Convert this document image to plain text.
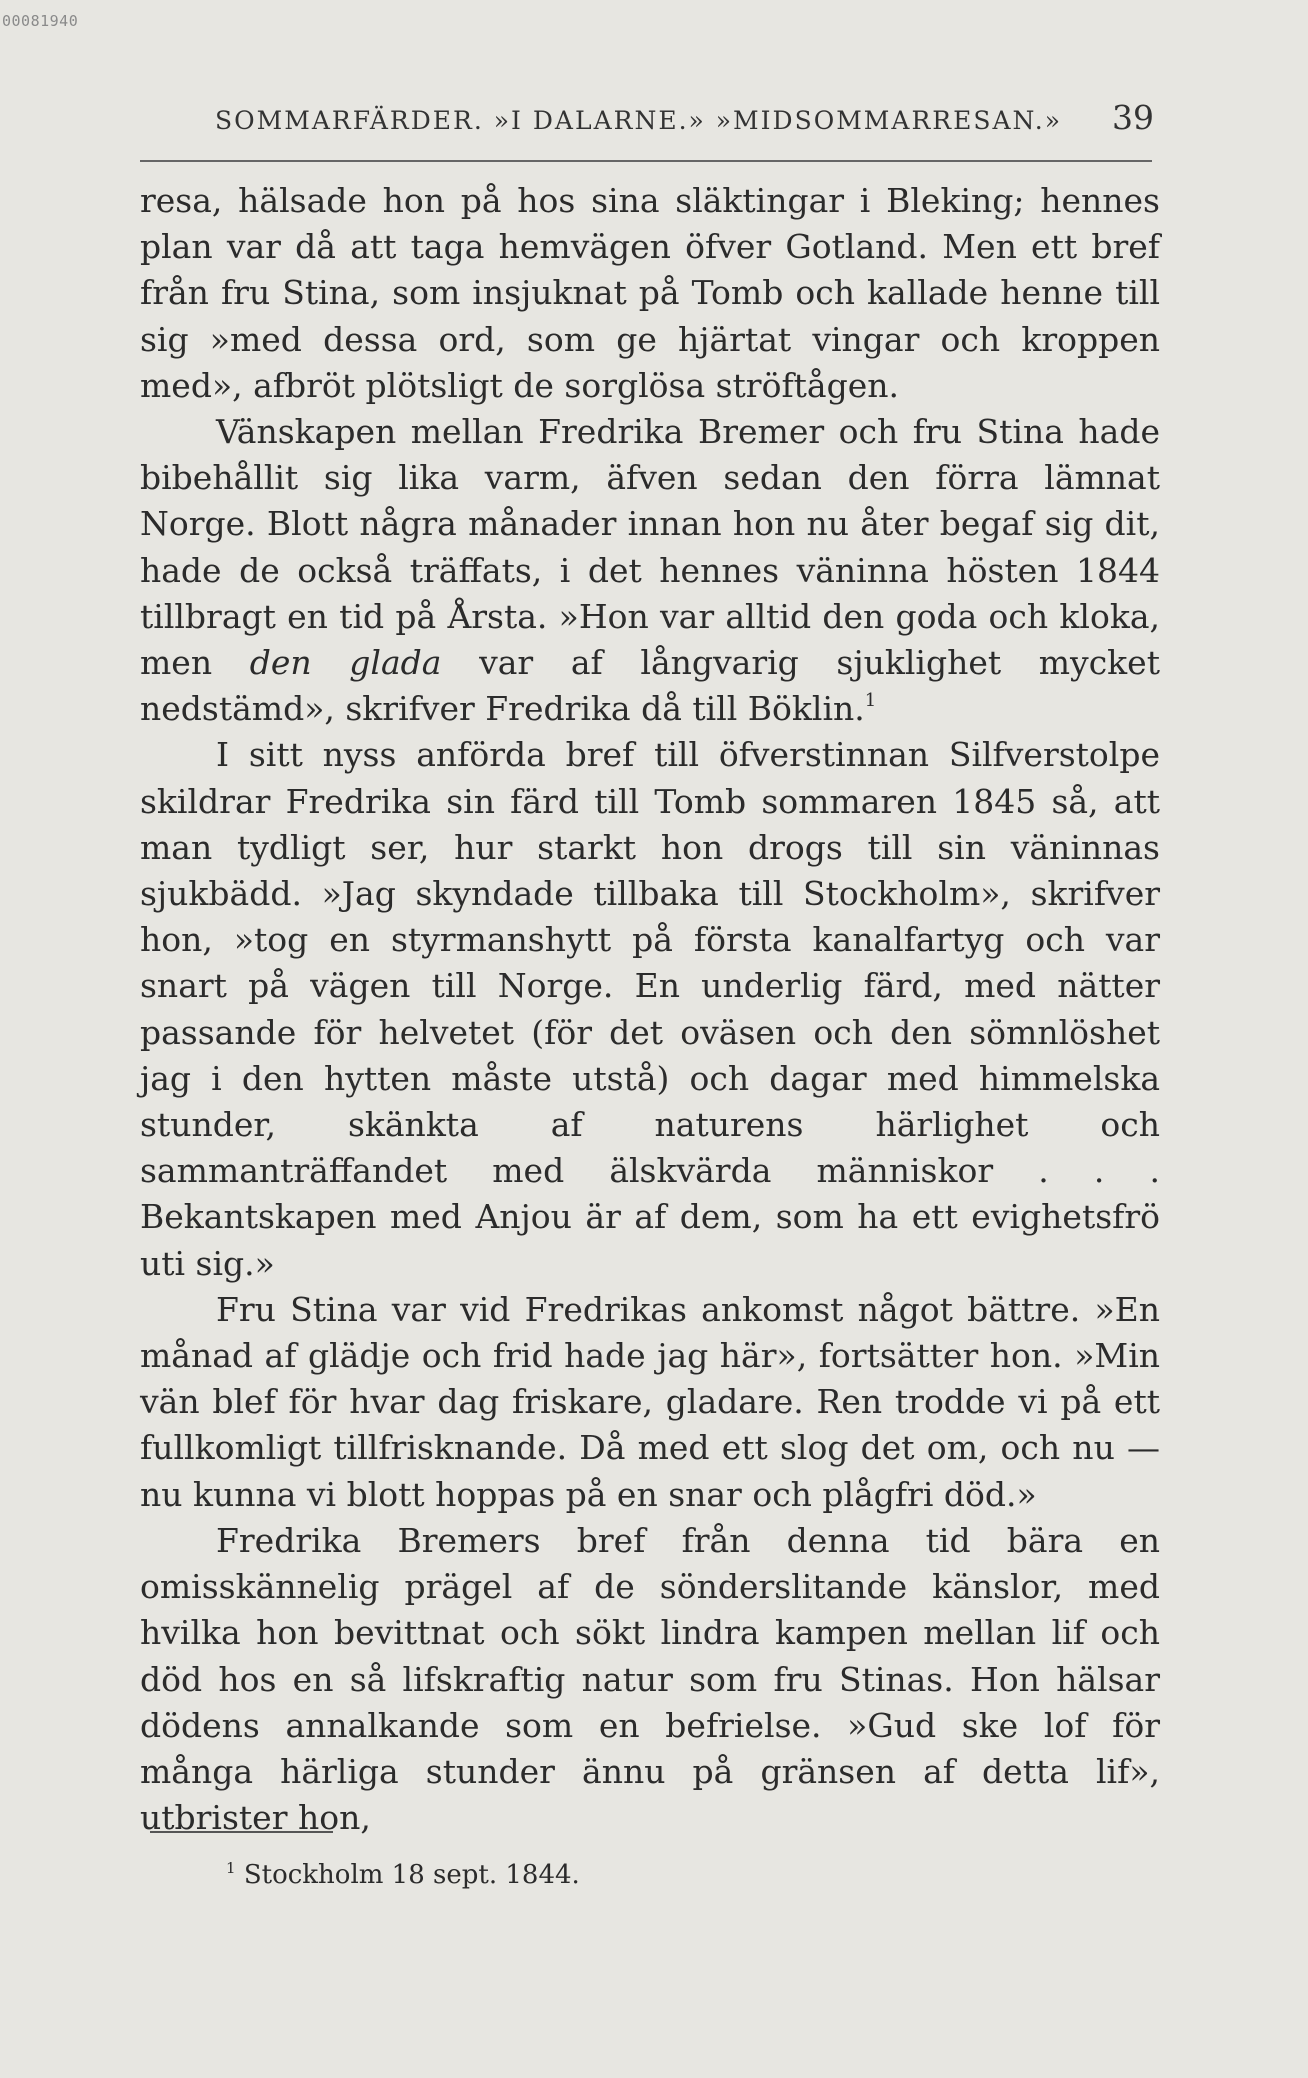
00081940
SOMMARFÄRDER. »I DALARNE.» »MIDSOMMARRESAN.» 39

resa, hälsade hon på hos sina släktingar i Bleking; hennes plan var då att taga hemvägen öfver Gotland. Men ett bref från fru Stina, som insjuknat på Tomb och kallade henne till sig »med dessa ord, som ge hjärtat vingar och kroppen med», afbröt plötsligt de sorglösa ströftågen.

Vänskapen mellan Fredrika Bremer och fru Stina hade bibehållit sig lika varm, äfven sedan den förra lämnat Norge. Blott några månader innan hon nu åter begaf sig dit, hade de också träffats, i det hennes väninna hösten 1844 tillbragt en tid på Årsta. »Hon var alltid den goda och kloka, men den glada var af långvarig sjuklighet mycket nedstämd», skrifver Fredrika då till Böklin.$^1$

I sitt nyss anförda bref till öfverstinnan Silfverstolpe skildrar Fredrika sin färd till Tomb sommaren 1845 så, att man tydligt ser, hur starkt hon drogs till sin väninnas sjukbädd. »Jag skyndade tillbaka till Stockholm», skrifver hon, »tog en styrmanshytt på första kanalfartyg och var snart på vägen till Norge. En underlig färd, med nätter passande för helvetet (för det oväsen och den sömnlöshet jag i den hytten måste utstå) och dagar med himmelska stunder, skänkta af naturens härlighet och sammanträffandet med älskvärda människor . . . Bekantskapen med Anjou är af dem, som ha ett evighetsfrö uti sig.»

Fru Stina var vid Fredrikas ankomst något bättre. »En månad af glädje och frid hade jag här», fortsätter hon. »Min vän blef för hvar dag friskare, gladare. Ren trodde vi på ett fullkomligt tillfrisknande. Då med ett slog det om, och nu — nu kunna vi blott hoppas på en snar och plågfri död.»

Fredrika Bremers bref från denna tid bära en omisskännelig prägel af de sönderslitande känslor, med hvilka hon bevittnat och sökt lindra kampen mellan lif och död hos en så lifskraftig natur som fru Stinas. Hon hälsar dödens annalkande som en befrielse. »Gud ske lof för många härliga stunder ännu på gränsen af detta lif», utbrister hon,

$^1$ Stockholm 18 sept. 1844.
